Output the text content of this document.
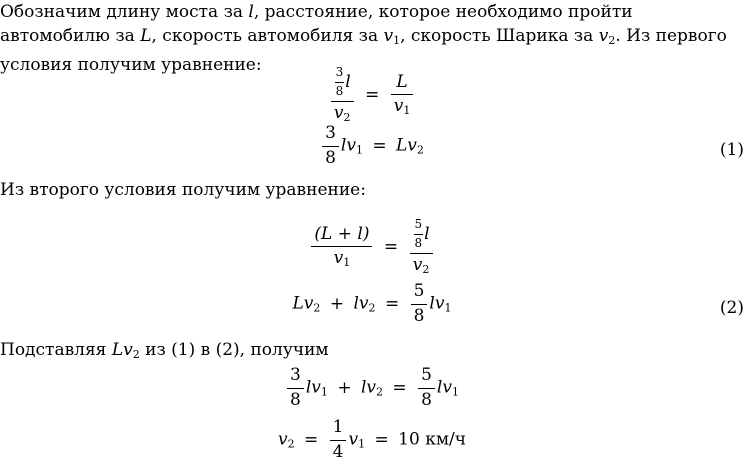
Обозначим длину моста за l, расстояние, которое необходимо пройти автомобилю за L, скорость автомобиля за $v_1$, скорость Шарика за $v_2$. Из первого условия получим уравнение:

$\frac{\frac{3}{8} l}{v_2} = \frac{L}{v_1}$
$\frac{3}{8} lv_1 = Lv_2$	(1)

Из второго условия получим уравнение:

$\frac{(L + l)}{v_1} = \frac{\frac{5}{8} l}{v_2}$
$Lv_2 + lv_2 = \frac{5}{8} lv_1$	(2)

Подставляя $Lv_2$ из (1) в (2), получим

$\frac{3}{8} lv_1 + lv_2 = \frac{5}{8} lv_1$
$v_2 = \frac{1}{4} v_1 = 10$ км/ч
